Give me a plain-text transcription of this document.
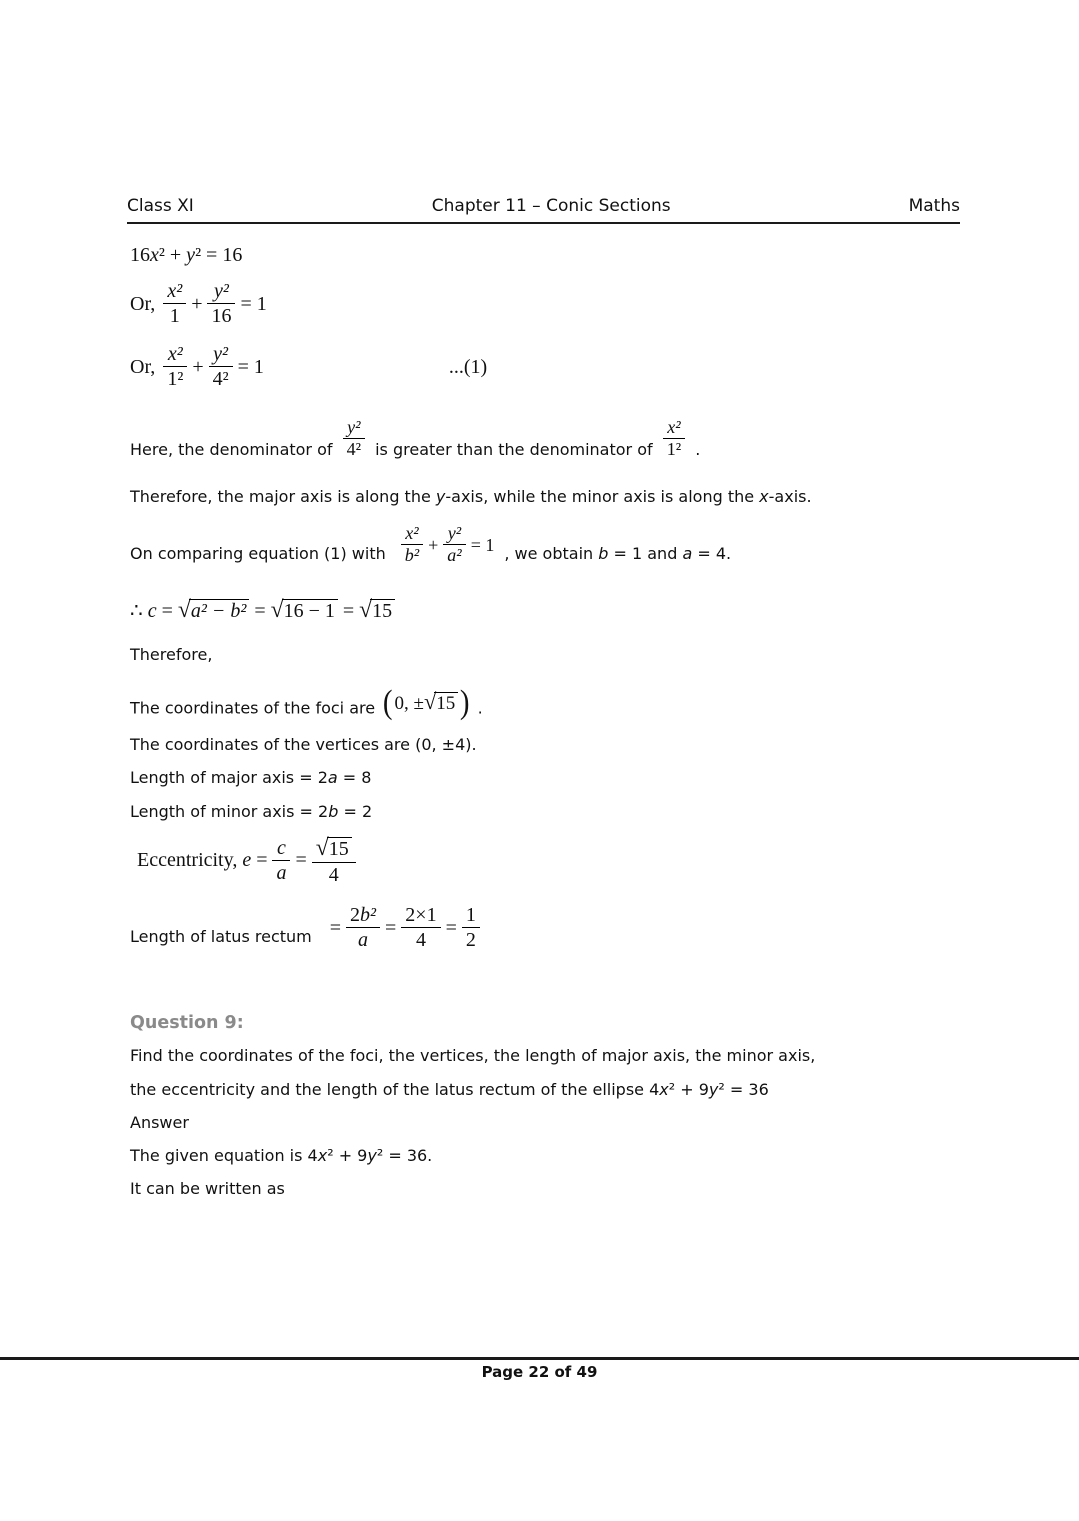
Class XI	Chapter 11 – Conic Sections	Maths
16x² + y² = 16
Or, $\frac{\text{x²}}{1} + \frac{\text{y²}}{16} = 1$
Or, $\frac{\text{x²}}{\text{1²}} + \frac{\text{y²}}{\text{4²}} = 1$	...(1)
Here, the denominator of $\frac{\text{y²}}{\text{4²}}$ is greater than the denominator of $\frac{\text{x²}}{\text{1²}}$ .
Therefore, the major axis is along the y-axis, while the minor axis is along the x-axis.
On comparing equation (1) with $\frac{\text{x²}}{\text{b²}} + \frac{\text{y²}}{\text{a²}} = 1$ , we obtain b = 1 and a = 4.
∴ c = √a² − b² = √16 − 1 = √15
Therefore,
The coordinates of the foci are ( 0, ±√15 ) .
The coordinates of the vertices are (0, ±4).
Length of major axis = 2a = 8
Length of minor axis = 2b = 2
Eccentricity, $e = \frac{c}{a} = \frac{√15}{4}$
Length of latus rectum = $\frac{\text{2b²}}{a} = \frac{2\times 1}{4} = \frac{1}{2}$
Question 9:
Find the coordinates of the foci, the vertices, the length of major axis, the minor axis,
the eccentricity and the length of the latus rectum of the ellipse 4x² + 9y² = 36
Answer
The given equation is 4x² + 9y² = 36.
It can be written as
Page 22 of 49
